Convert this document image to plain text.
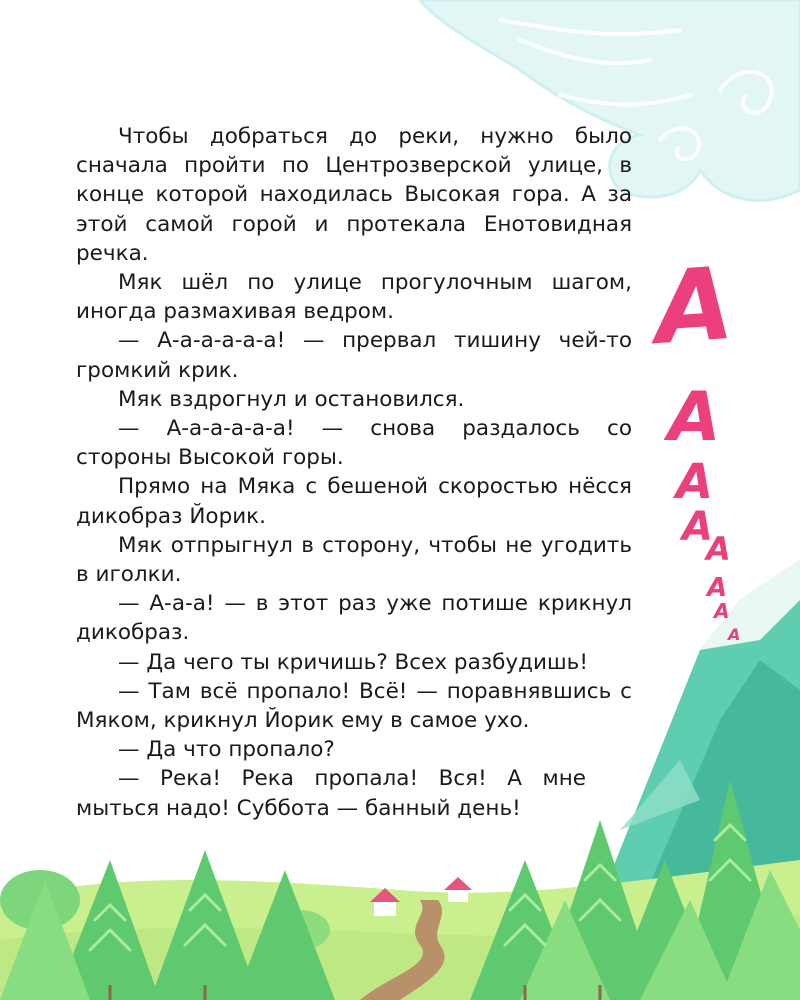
А
А
А
А
А
А
А
А

Чтобы добраться до реки, нужно было сначала пройти по Центрозверской улице, в конце которой находилась Высокая гора. А за этой самой горой и протекала Енотовидная речка.

Мяк шёл по улице прогулочным шагом, иногда размахивая ведром.

— А-а-а-а-а-а! — прервал тишину чей-то громкий крик.

Мяк вздрогнул и остановился.

— А-а-а-а-а-а! — снова раздалось со стороны Высокой горы.

Прямо на Мяка с бешеной скоростью нёсся дикобраз Йорик.

Мяк отпрыгнул в сторону, чтобы не угодить в иголки.

— А-а-а! — в этот раз уже потише крикнул дикобраз.

— Да чего ты кричишь? Всех разбудишь!

— Там всё пропало! Всё! — поравнявшись с Мяком, крикнул Йорик ему в самое ухо.

— Да что пропало?

— Река! Река пропала! Вся! А мне мыться надо! Суббота — банный день!
